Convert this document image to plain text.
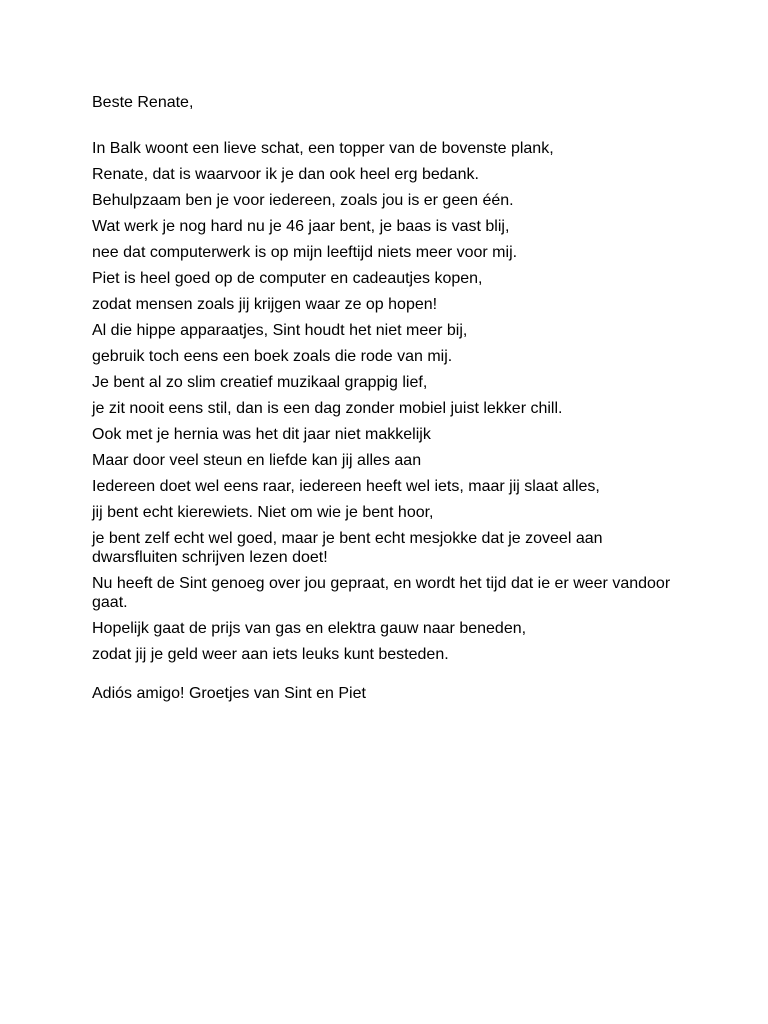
Beste Renate,

In Balk woont een lieve schat, een topper van de bovenste plank,
Renate, dat is waarvoor ik je dan ook heel erg bedank.
Behulpzaam ben je voor iedereen, zoals jou is er geen één.
Wat werk je nog hard nu je 46 jaar bent, je baas is vast blij,
nee dat computerwerk is op mijn leeftijd niets meer voor mij.
Piet is heel goed op de computer en cadeautjes kopen,
zodat mensen zoals jij krijgen waar ze op hopen!
Al die hippe apparaatjes, Sint houdt het niet meer bij,
gebruik toch eens een boek zoals die rode van mij.
Je bent al zo slim creatief muzikaal grappig lief,
je zit nooit eens stil, dan is een dag zonder mobiel juist lekker chill.
Ook met je hernia was het dit jaar niet makkelijk
Maar door veel steun en liefde kan jij alles aan
Iedereen doet wel eens raar, iedereen heeft wel iets, maar jij slaat alles,
jij bent echt kierewiets. Niet om wie je bent hoor,
je bent zelf echt wel goed, maar je bent echt mesjokke dat je zoveel aan dwarsfluiten schrijven lezen doet!
Nu heeft de Sint genoeg over jou gepraat, en wordt het tijd dat ie er weer vandoor gaat.
Hopelijk gaat de prijs van gas en elektra gauw naar beneden,
zodat jij je geld weer aan iets leuks kunt besteden.

Adiós amigo! Groetjes van Sint en Piet
